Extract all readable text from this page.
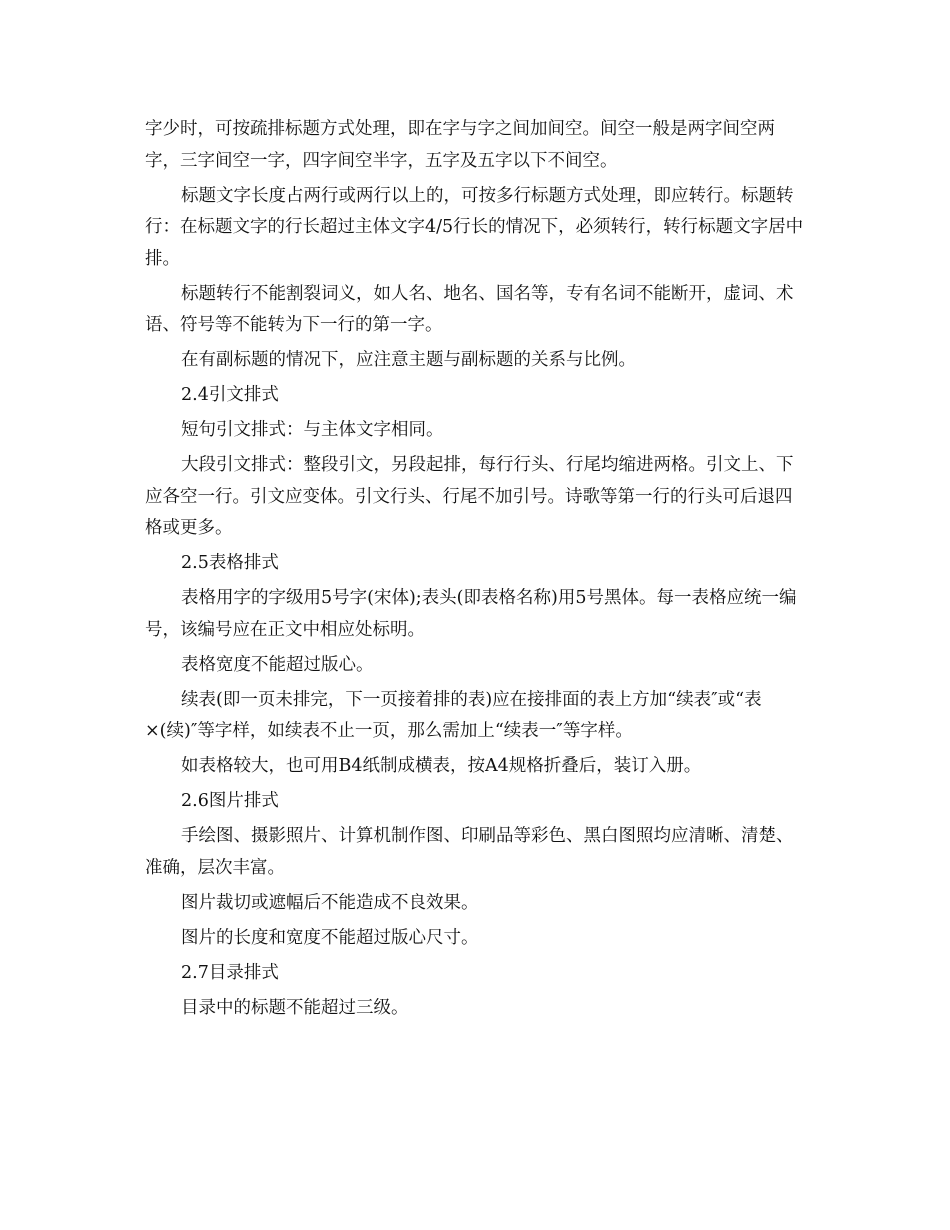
字少时，可按疏排标题方式处理，即在字与字之间加间空。间空一般是两字间空两字，三字间空一字，四字间空半字，五字及五字以下不间空。

标题文字长度占两行或两行以上的，可按多行标题方式处理，即应转行。标题转行：在标题文字的行长超过主体文字4/5行长的情况下，必须转行，转行标题文字居中排。

标题转行不能割裂词义，如人名、地名、国名等，专有名词不能断开，虚词、术语、符号等不能转为下一行的第一字。

在有副标题的情况下，应注意主题与副标题的关系与比例。

2.4引文排式

短句引文排式：与主体文字相同。

大段引文排式：整段引文，另段起排，每行行头、行尾均缩进两格。引文上、下应各空一行。引文应变体。引文行头、行尾不加引号。诗歌等第一行的行头可后退四格或更多。

2.5表格排式

表格用字的字级用5号字(宋体);表头(即表格名称)用5号黑体。每一表格应统一编号，该编号应在正文中相应处标明。

表格宽度不能超过版心。

续表(即一页未排完，下一页接着排的表)应在接排面的表上方加“续表″或“表×(续)″等字样，如续表不止一页，那么需加上“续表一″等字样。

如表格较大，也可用B4纸制成横表，按A4规格折叠后，装订入册。

2.6图片排式

手绘图、摄影照片、计算机制作图、印刷品等彩色、黑白图照均应清晰、清楚、准确，层次丰富。

图片裁切或遮幅后不能造成不良效果。

图片的长度和宽度不能超过版心尺寸。

2.7目录排式

目录中的标题不能超过三级。
